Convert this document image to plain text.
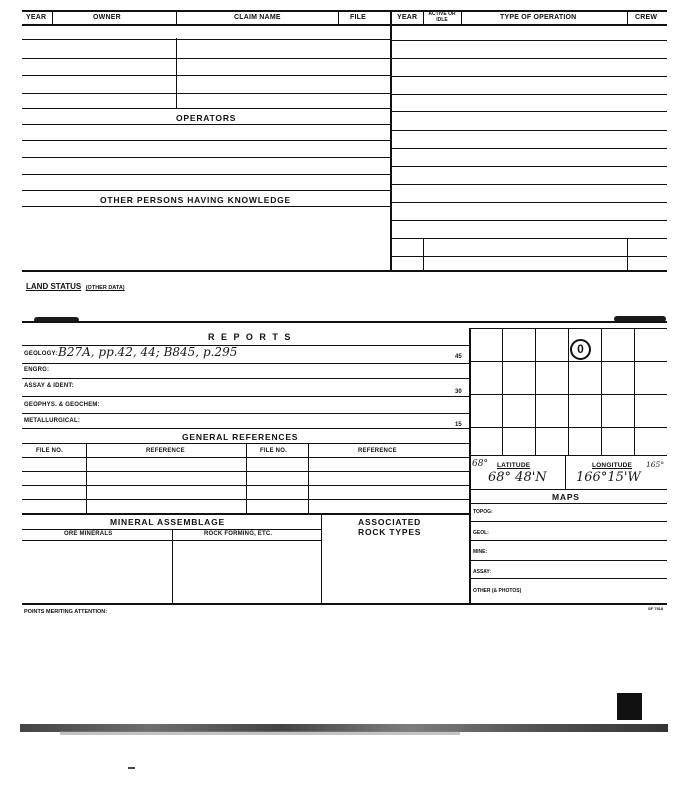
YEAR	OWNER	CLAIM NAME	FILE	YEAR	ACTIVE OR IDLE	TYPE OF OPERATION	CREW
OPERATORS
OTHER PERSONS HAVING KNOWLEDGE
LAND STATUS (OTHER DATA)
R E P O R T S
GEOLOGY: B27A, pp.42, 44; B845, p.295	45
ENGRG:
ASSAY & IDENT:
30
GEOPHYS. & GEOCHEM:
METALLURGICAL:
15
GENERAL REFERENCES
FILE NO.	REFERENCE	FILE NO.	REFERENCE
MINERAL ASSEMBLAGE	ASSOCIATED
ROCK TYPES
ORE MINERALS	ROCK FORMING, ETC.
0
68° LATITUDE	LONGITUDE 165°
68° 48'N 166°15'W
MAPS
TOPOG:
GEOL:
MINE:
ASSAY:
OTHER (& PHOTOS)
POINTS MERITING ATTENTION:
SF 7518
